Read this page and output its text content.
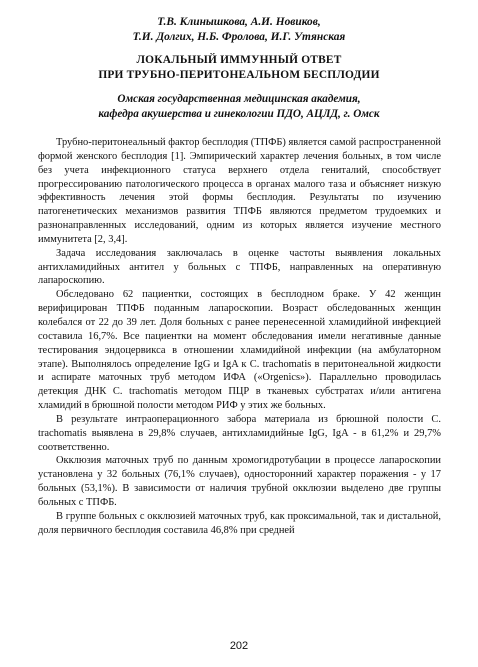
Т.В. Клинышкова, А.И. Новиков,
Т.И. Долгих, Н.Б. Фролова, И.Г. Утянская
ЛОКАЛЬНЫЙ ИММУННЫЙ ОТВЕТ
ПРИ ТРУБНО-ПЕРИТОНЕАЛЬНОМ БЕСПЛОДИИ
Омская государственная медицинская академия,
кафедра акушерства и гинекологии ПДО, АЦЛД, г. Омск

Трубно-перитонеальный фактор бесплодия (ТПФБ) является самой распространенной формой женского бесплодия [1]. Эмпирический характер лечения больных, в том числе без учета инфекционного статуса верхнего отдела гениталий, способствует прогрессированию патологического процесса в органах малого таза и объясняет низкую эффективность лечения этой формы бесплодия. Результаты по изучению патогенетических механизмов развития ТПФБ являются предметом трудоемких и разнонаправленных исследований, одним из которых является изучение местного иммунитета [2, 3,4].

Задача исследования заключалась в оценке частоты выявления локальных антихламидийных антител у больных с ТПФБ, направленных на оперативную лапароскопию.

Обследовано 62 пациентки, состоящих в бесплодном браке. У 42 женщин верифицирован ТПФБ поданным лапароскопии. Возраст обследованных женщин колебался от 22 до 39 лет. Доля больных с ранее перенесенной хламидийной инфекцией составила 16,7%. Все пациентки на момент обследования имели негативные данные тестирования эндоцервикса в отношении хламидийной инфекции (на амбулаторном этапе). Выполнялось определение IgG и IgA к C. trachomatis в перитонеальной жидкости и аспирате маточных труб методом ИФА («Orgenics»). Параллельно проводилась детекция ДНК С. trachomatis методом ПЦР в тканевых субстратах и/или антигена хламидий в брюшной полости методом РИФ у этих же больных.

В результате интраоперационного забора материала из брюшной полости C. trachomatis выявлена в 29,8% случаев, антихламидийные IgG, IgA - в 61,2% и 29,7% соответственно.

Окклюзия маточных труб по данным хромогидротубации в процессе лапароскопии установлена у 32 больных (76,1% случаев), односторонний характер поражения - у 17 больных (53,1%). В зависимости от наличия трубной окклюзии выделено две группы больных с ТПФБ.

В группе больных с окклюзией маточных труб, как проксимальной, так и дистальной, доля первичного бесплодия составила 46,8% при средней

202
